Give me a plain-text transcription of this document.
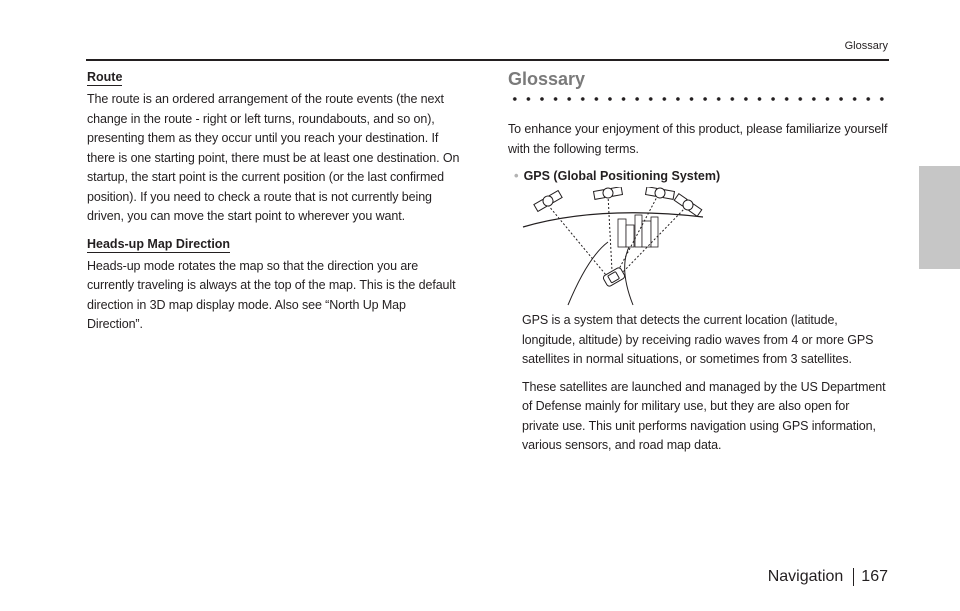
Glossary
Route

The route is an ordered arrangement of the route events (the next change in the route - right or left turns, roundabouts, and so on), presenting them as they occur until you reach your destination. If there is one starting point, there must be at least one destination. On startup, the start point is the current position (or the last confirmed position). If you need to check a route that is not currently being driven, you can move the start point to wherever you want.

Heads-up Map Direction

Heads-up mode rotates the map so that the direction you are currently traveling is always at the top of the map. This is the default direction in 3D map display mode. Also see “North Up Map Direction”.

Glossary

To enhance your enjoyment of this product, please familiarize yourself with the following terms.

• GPS (Global Positioning System)

GPS is a system that detects the current location (latitude, longitude, altitude) by receiving radio waves from 4 or more GPS satellites in normal situations, or sometimes from 3 satellites.

These satellites are launched and managed by the US Department of Defense mainly for military use, but they are also open for private use. This unit performs navigation using GPS information, various sensors, and road map data.

Navigation	167
